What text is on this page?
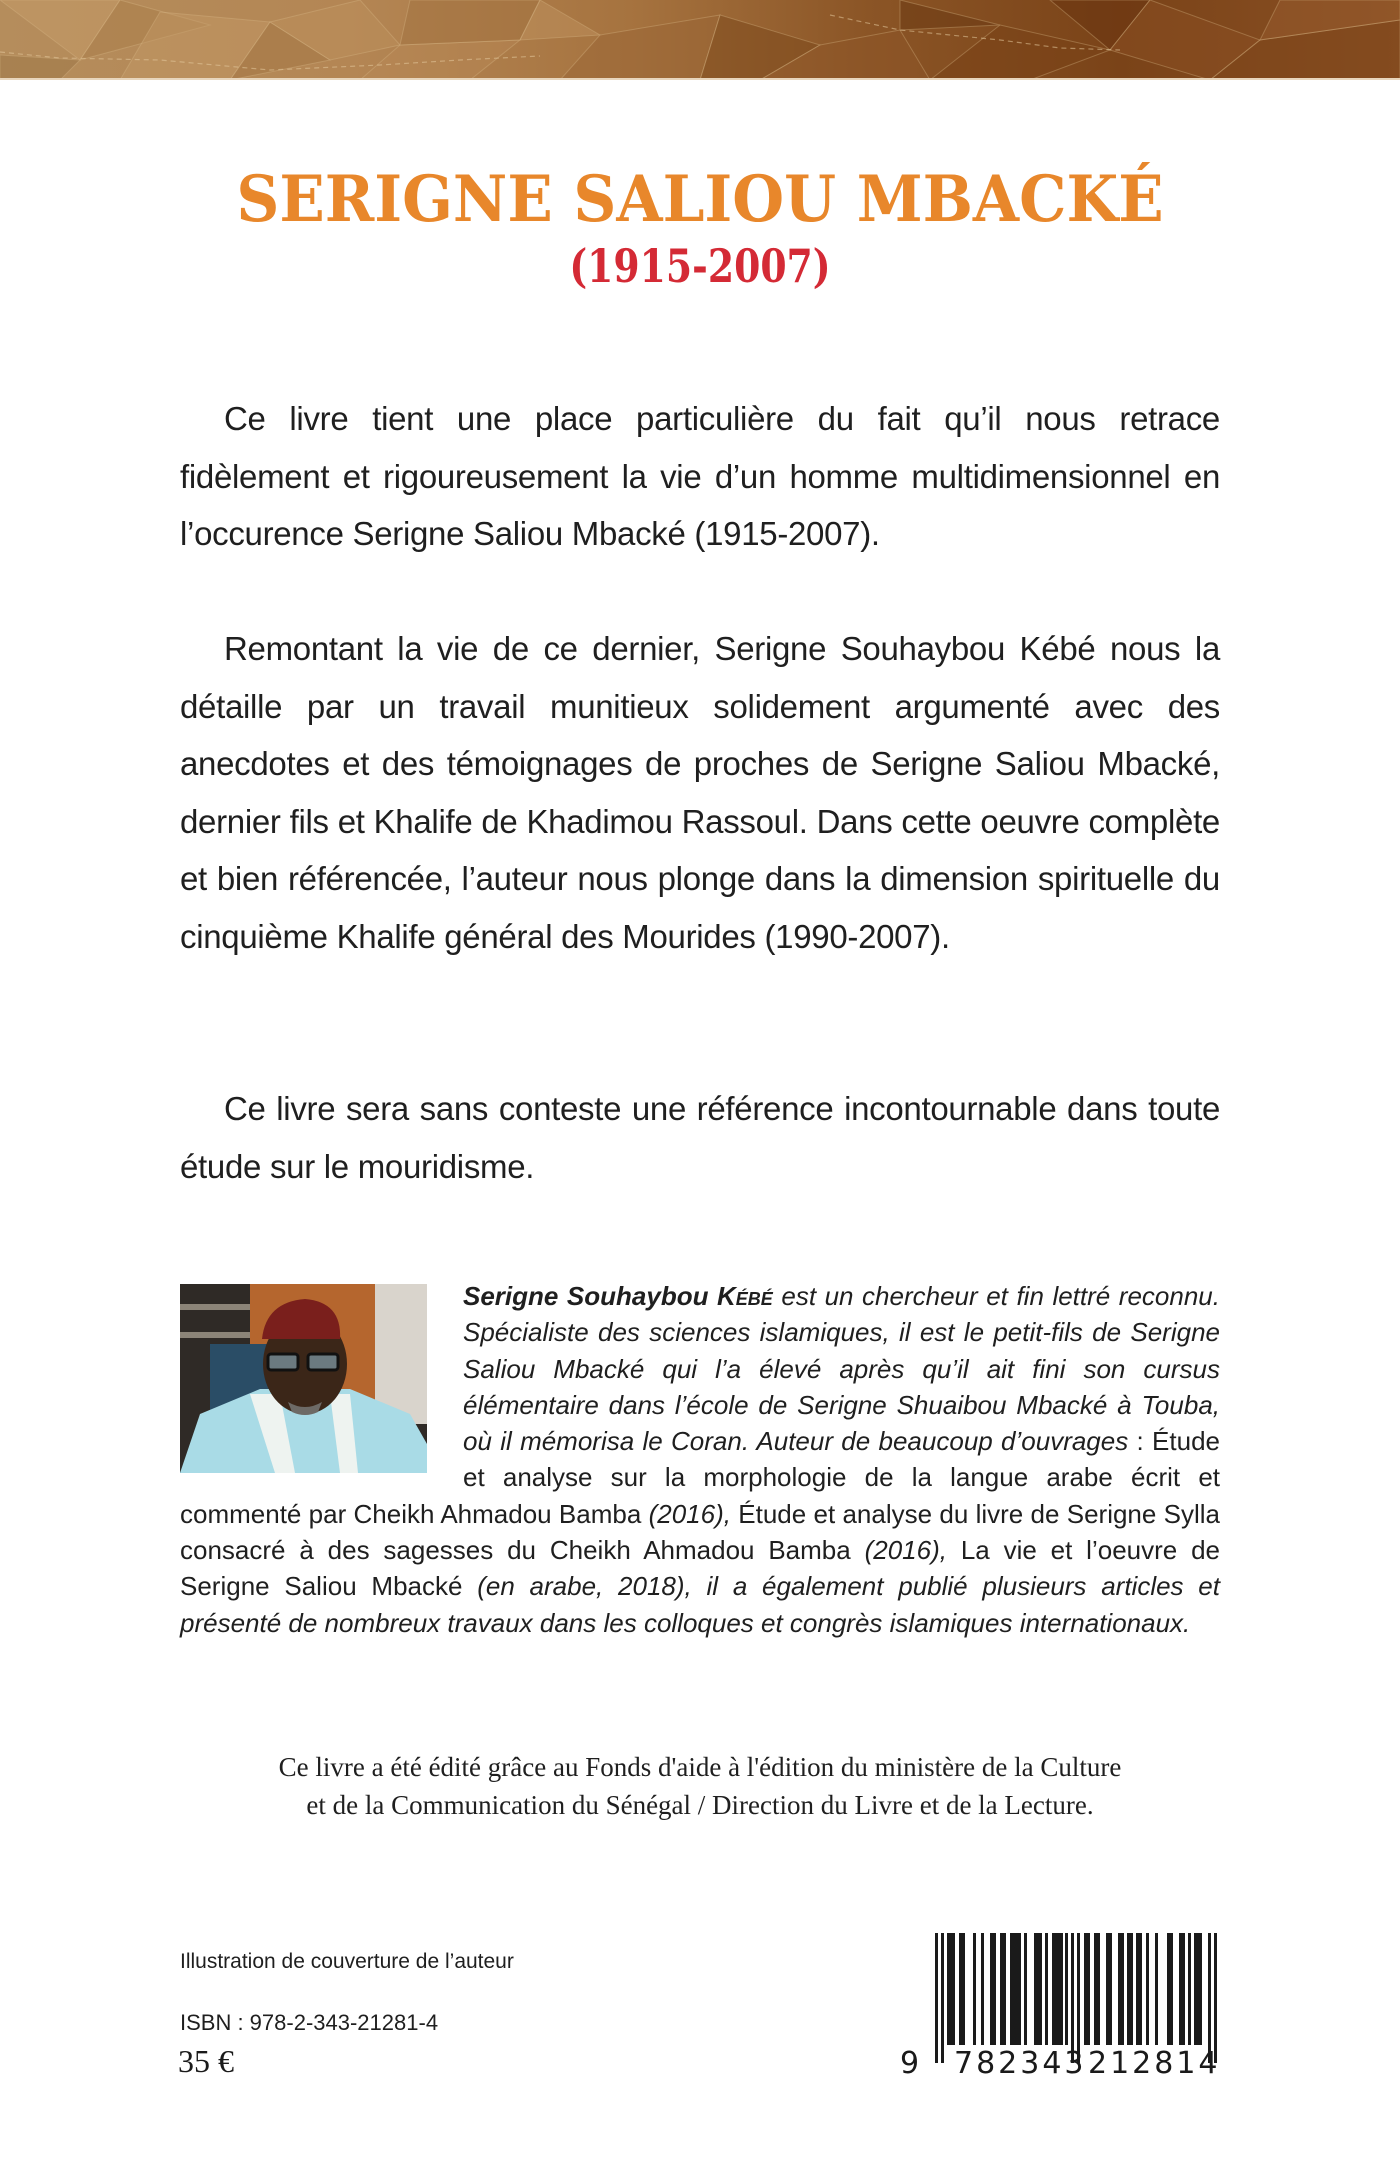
SERIGNE SALIOU MBACKÉ
(1915-2007)

Ce livre tient une place particulière du fait qu’il nous retrace fidèlement et rigoureusement la vie d’un homme multidimensionnel en l’occurence Serigne Saliou Mbacké (1915-2007).

Remontant la vie de ce dernier, Serigne Souhaybou Kébé nous la détaille par un travail munitieux solidement argumenté avec des anecdotes et des témoignages de proches de Serigne Saliou Mbacké, dernier fils et Khalife de Khadimou Rassoul. Dans cette oeuvre complète et bien référencée, l’auteur nous plonge dans la dimension spirituelle du cinquième Khalife général des Mourides (1990-2007).

Ce livre sera sans conteste une référence incontournable dans toute étude sur le mouridisme.

Serigne Souhaybou Kébé est un chercheur et fin lettré reconnu. Spécialiste des sciences islamiques, il est le petit-fils de Serigne Saliou Mbacké qui l’a élevé après qu’il ait fini son cursus élémentaire dans l’école de Serigne Shuaibou Mbacké à Touba, où il mémorisa le Coran. Auteur de beaucoup d’ouvrages : Étude et analyse sur la morphologie de la langue arabe écrit et commenté par Cheikh Ahmadou Bamba (2016), Étude et analyse du livre de Serigne Sylla consacré à des sagesses du Cheikh Ahmadou Bamba (2016), La vie et l’oeuvre de Serigne Saliou Mbacké (en arabe, 2018), il a également publié plusieurs articles et présenté de nombreux travaux dans les colloques et congrès islamiques internationaux.
Ce livre a été édité grâce au Fonds d'aide à l'édition du ministère de la Culture
et de la Communication du Sénégal / Direction du Livre et de la Lecture.
Illustration de couverture de l’auteur
ISBN : 978-2-343-21281-4
35 €	9 782343 212814
